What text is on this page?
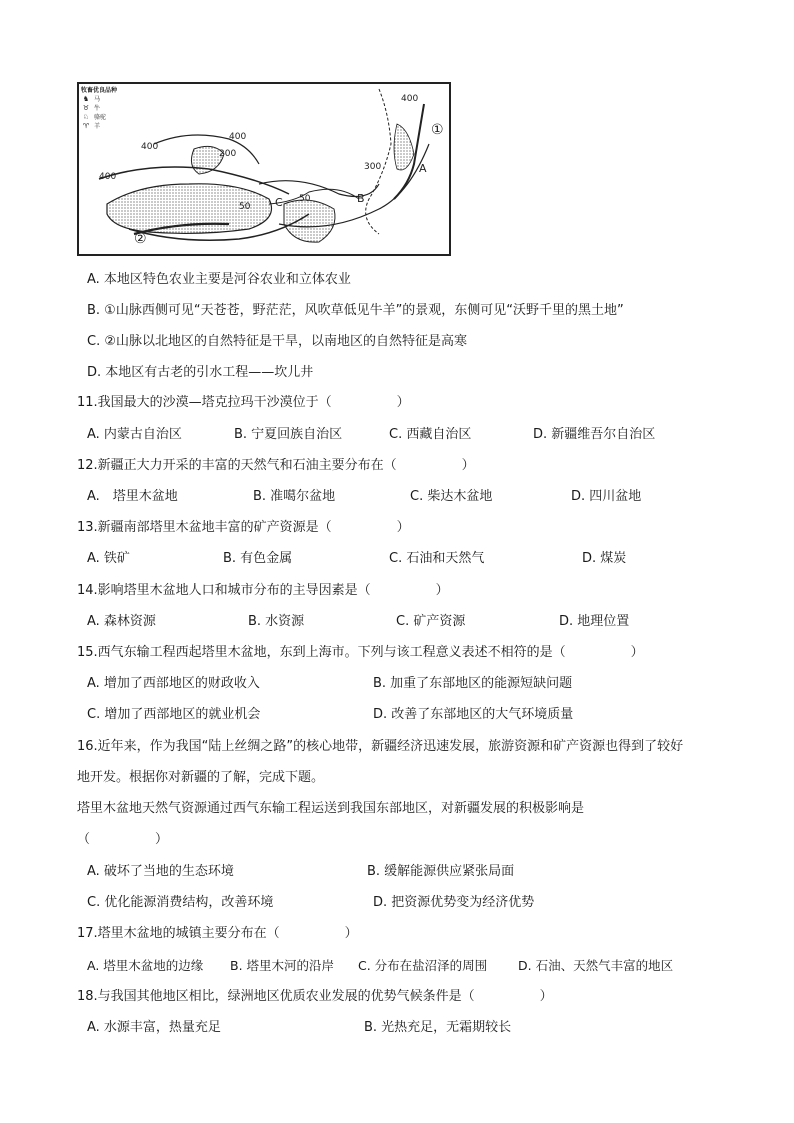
牧畜优良品种
♞ 马
♉ 牛
♘ 骆驼
♈ 羊
400
400
400
400
300
200
50
50
①
②
B
C
A
A. 本地区特色农业主要是河谷农业和立体农业
B. ①山脉西侧可见“天苍苍，野茫茫，风吹草低见牛羊”的景观，东侧可见“沃野千里的黑土地”
C. ②山脉以北地区的自然特征是干旱，以南地区的自然特征是高寒
D. 本地区有古老的引水工程——坎儿井
11.我国最大的沙漠—塔克拉玛干沙漠位于（　　　　　）
A. 内蒙古自治区	B. 宁夏回族自治区	C. 西藏自治区	D. 新疆维吾尔自治区
12.新疆正大力开采的丰富的天然气和石油主要分布在（　　　　　）
A.　塔里木盆地	B. 准噶尔盆地	C. 柴达木盆地	D. 四川盆地
13.新疆南部塔里木盆地丰富的矿产资源是（　　　　　）
A. 铁矿	B. 有色金属	C. 石油和天然气	D. 煤炭
14.影响塔里木盆地人口和城市分布的主导因素是（　　　　　）
A. 森林资源	B. 水资源	C. 矿产资源	D. 地理位置
15.西气东输工程西起塔里木盆地，东到上海市。下列与该工程意义表述不相符的是（　　　　　）
A. 增加了西部地区的财政收入	B. 加重了东部地区的能源短缺问题
C. 增加了西部地区的就业机会	D. 改善了东部地区的大气环境质量
16.近年来，作为我国“陆上丝绸之路”的核心地带，新疆经济迅速发展，旅游资源和矿产资源也得到了较好
地开发。根据你对新疆的了解，完成下题。
塔里木盆地天然气资源通过西气东输工程运送到我国东部地区，对新疆发展的积极影响是
（　　　　　）
A. 破坏了当地的生态环境	B. 缓解能源供应紧张局面
C. 优化能源消费结构，改善环境	D. 把资源优势变为经济优势
17.塔里木盆地的城镇主要分布在（　　　　　）
A. 塔里木盆地的边缘 B. 塔里木河的沿岸 C. 分布在盐沼泽的周围 D. 石油、天然气丰富的地区
18.与我国其他地区相比，绿洲地区优质农业发展的优势气候条件是（　　　　　）
A. 水源丰富，热量充足	B. 光热充足，无霜期较长
